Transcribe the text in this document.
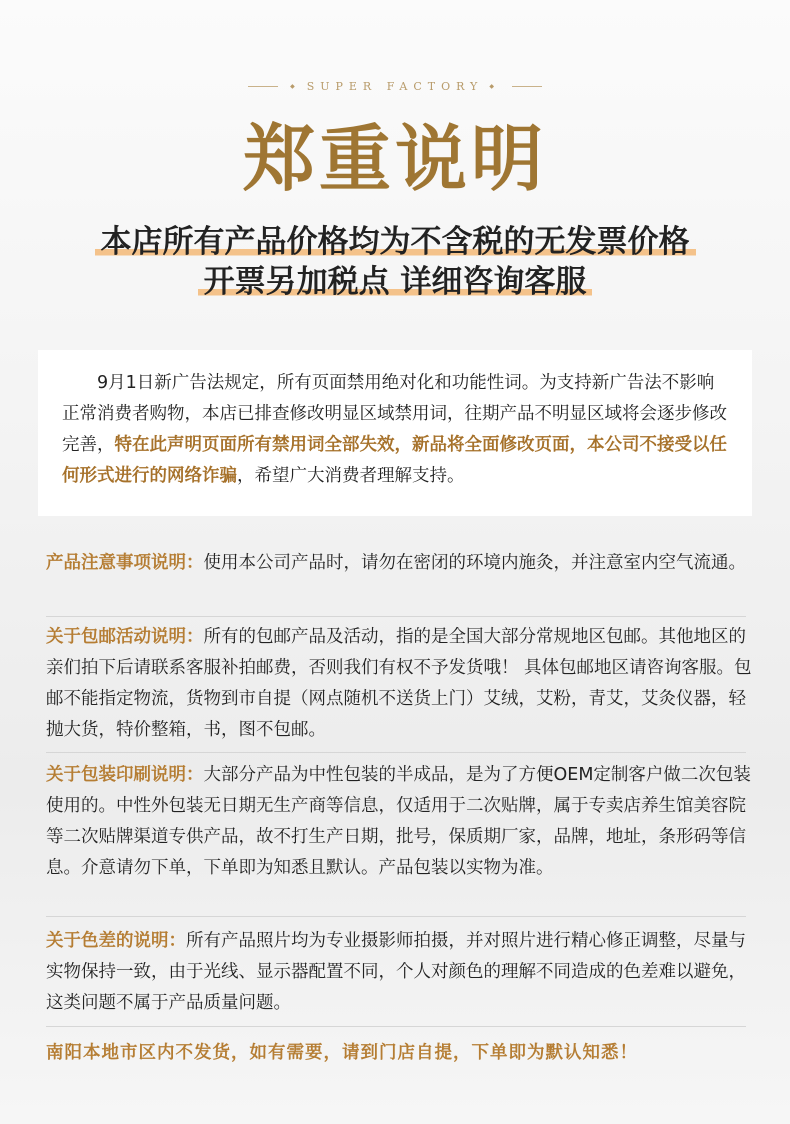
◆ SUPER FACTORY ◆
郑重说明
本店所有产品价格均为不含税的无发票价格
开票另加税点 详细咨询客服

9月1日新广告法规定，所有页面禁用绝对化和功能性词。为支持新广告法不影响正常消费者购物，本店已排查修改明显区域禁用词，往期产品不明显区域将会逐步修改完善，特在此声明页面所有禁用词全部失效，新品将全面修改页面，本公司不接受以任何形式进行的网络诈骗，希望广大消费者理解支持。

产品注意事项说明：使用本公司产品时，请勿在密闭的环境内施灸，并注意室内空气流通。
关于包邮活动说明：所有的包邮产品及活动，指的是全国大部分常规地区包邮。其他地区的亲们拍下后请联系客服补拍邮费，否则我们有权不予发货哦！ 具体包邮地区请咨询客服。包邮不能指定物流，货物到市自提（网点随机不送货上门）艾绒，艾粉，青艾，艾灸仪器，轻抛大货，特价整箱，书，图不包邮。
关于包装印刷说明：大部分产品为中性包装的半成品，是为了方便OEM定制客户做二次包装使用的。中性外包装无日期无生产商等信息，仅适用于二次贴牌，属于专卖店养生馆美容院等二次贴牌渠道专供产品，故不打生产日期，批号，保质期厂家，品牌，地址，条形码等信息。介意请勿下单，下单即为知悉且默认。产品包装以实物为准。
关于色差的说明：所有产品照片均为专业摄影师拍摄，并对照片进行精心修正调整，尽量与实物保持一致，由于光线、显示器配置不同，个人对颜色的理解不同造成的色差难以避免，这类问题不属于产品质量问题。
南阳本地市区内不发货，如有需要，请到门店自提，下单即为默认知悉！
